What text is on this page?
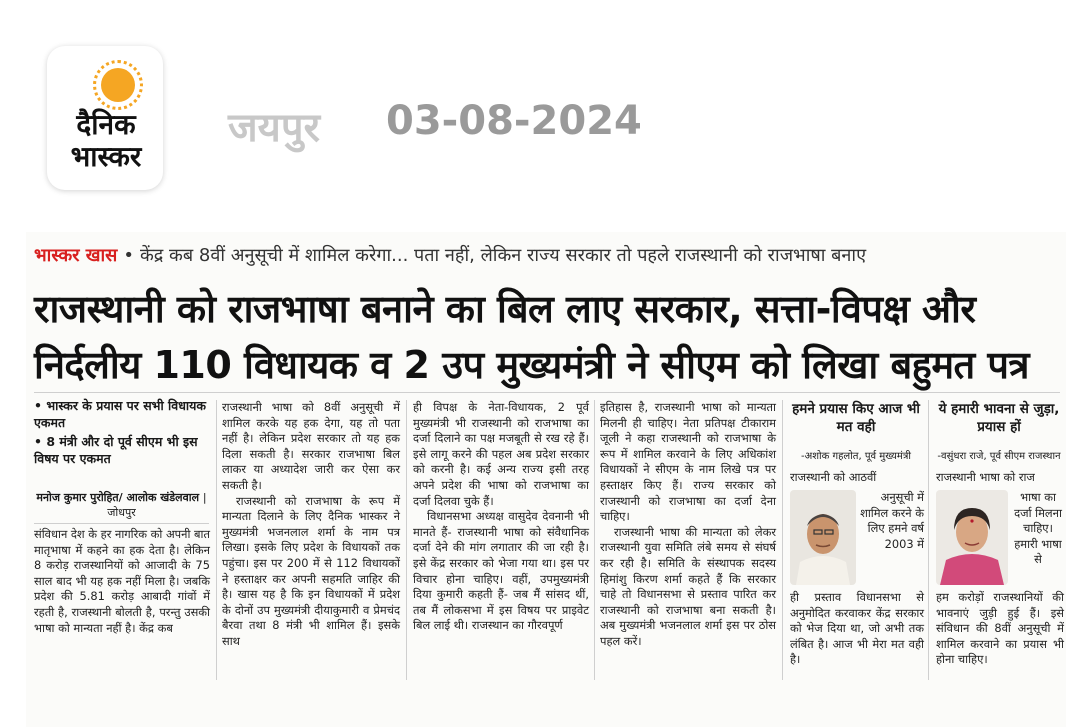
दैनिक
भास्कर
जयपुर 03-08-2024
भास्कर खास • केंद्र कब 8वीं अनुसूची में शामिल करेगा... पता नहीं, लेकिन राज्य सरकार तो पहले राजस्थानी को राजभाषा बनाए
राजस्थानी को राजभाषा बनाने का बिल लाए सरकार, सत्ता-विपक्ष और
निर्दलीय 110 विधायक व 2 उप मुख्यमंत्री ने सीएम को लिखा बहुमत पत्र
• भास्कर के प्रयास पर सभी विधायक एकमत
• 8 मंत्री और दो पूर्व सीएम भी इस विषय पर एकमत
मनोज कुमार पुरोहित/ आलोक खंडेलवाल | जोधपुर

संविधान देश के हर नागरिक को अपनी बात मातृभाषा में कहने का हक देता है। लेकिन 8 करोड़ राजस्थानियों को आजादी के 75 साल बाद भी यह हक नहीं मिला है। जबकि प्रदेश की 5.81 करोड़ आबादी गांवों में रहती है, राजस्थानी बोलती है, परन्तु उसकी भाषा को मान्यता नहीं है। केंद्र कब

राजस्थानी भाषा को 8वीं अनुसूची में शामिल करके यह हक देगा, यह तो पता नहीं है। लेकिन प्रदेश सरकार तो यह हक दिला सकती है। सरकार राजभाषा बिल लाकर या अध्यादेश जारी कर ऐसा कर सकती है।

राजस्थानी को राजभाषा के रूप में मान्यता दिलाने के लिए दैनिक भास्कर ने मुख्यमंत्री भजनलाल शर्मा के नाम पत्र लिखा। इसके लिए प्रदेश के विधायकों तक पहुंचा। इस पर 200 में से 112 विधायकों ने हस्ताक्षर कर अपनी सहमति जाहिर की है। खास यह है कि इन विधायकों में प्रदेश के दोनों उप मुख्यमंत्री दीयाकुमारी व प्रेमचंद बैरवा तथा 8 मंत्री भी शामिल हैं। इसके साथ

ही विपक्ष के नेता-विधायक, 2 पूर्व मुख्यमंत्री भी राजस्थानी को राजभाषा का दर्जा दिलाने का पक्ष मजबूती से रख रहे हैं। इसे लागू करने की पहल अब प्रदेश सरकार को करनी है। कई अन्य राज्य इसी तरह अपने प्रदेश की भाषा को राजभाषा का दर्जा दिलवा चुके हैं।

विधानसभा अध्यक्ष वासुदेव देवनानी भी मानते हैं- राजस्थानी भाषा को संवैधानिक दर्जा देने की मांग लगातार की जा रही है। इसे केंद्र सरकार को भेजा गया था। इस पर विचार होना चाहिए। वहीं, उपमुख्यमंत्री दिया कुमारी कहती हैं- जब मैं सांसद थीं, तब मैं लोकसभा में इस विषय पर प्राइवेट बिल लाई थी। राजस्थान का गौरवपूर्ण

इतिहास है, राजस्थानी भाषा को मान्यता मिलनी ही चाहिए। नेता प्रतिपक्ष टीकाराम जूली ने कहा राजस्थानी को राजभाषा के रूप में शामिल करवाने के लिए अधिकांश विधायकों ने सीएम के नाम लिखे पत्र पर हस्ताक्षर किए हैं। राज्य सरकार को राजस्थानी को राजभाषा का दर्जा देना चाहिए।

राजस्थानी भाषा की मान्यता को लेकर राजस्थानी युवा समिति लंबे समय से संघर्ष कर रही है। समिति के संस्थापक सदस्य हिमांशु किरण शर्मा कहते हैं कि सरकार चाहे तो विधानसभा से प्रस्ताव पारित कर राजस्थानी को राजभाषा बना सकती है। अब मुख्यमंत्री भजनलाल शर्मा इस पर ठोस पहल करें।

हमने प्रयास किए आज भी मत वही
-अशोक गहलोत, पूर्व मुख्यमंत्री
राजस्थानी को आठवीं
अनुसूची में शामिल करने के लिए हमने वर्ष 2003 में
ही प्रस्ताव विधानसभा से अनुमोदित करवाकर केंद्र सरकार को भेज दिया था, जो अभी तक लंबित है। आज भी मेरा मत वही है।
ये हमारी भावना से जुड़ा, प्रयास हों
-वसुंधरा राजे, पूर्व सीएम राजस्थान
राजस्थानी भाषा को राज
भाषा का दर्जा मिलना चाहिए। हमारी भाषा से
हम करोड़ों राजस्थानियों की भावनाएं जुड़ी हुई हैं। इसे संविधान की 8वीं अनुसूची में शामिल करवाने का प्रयास भी होना चाहिए।
